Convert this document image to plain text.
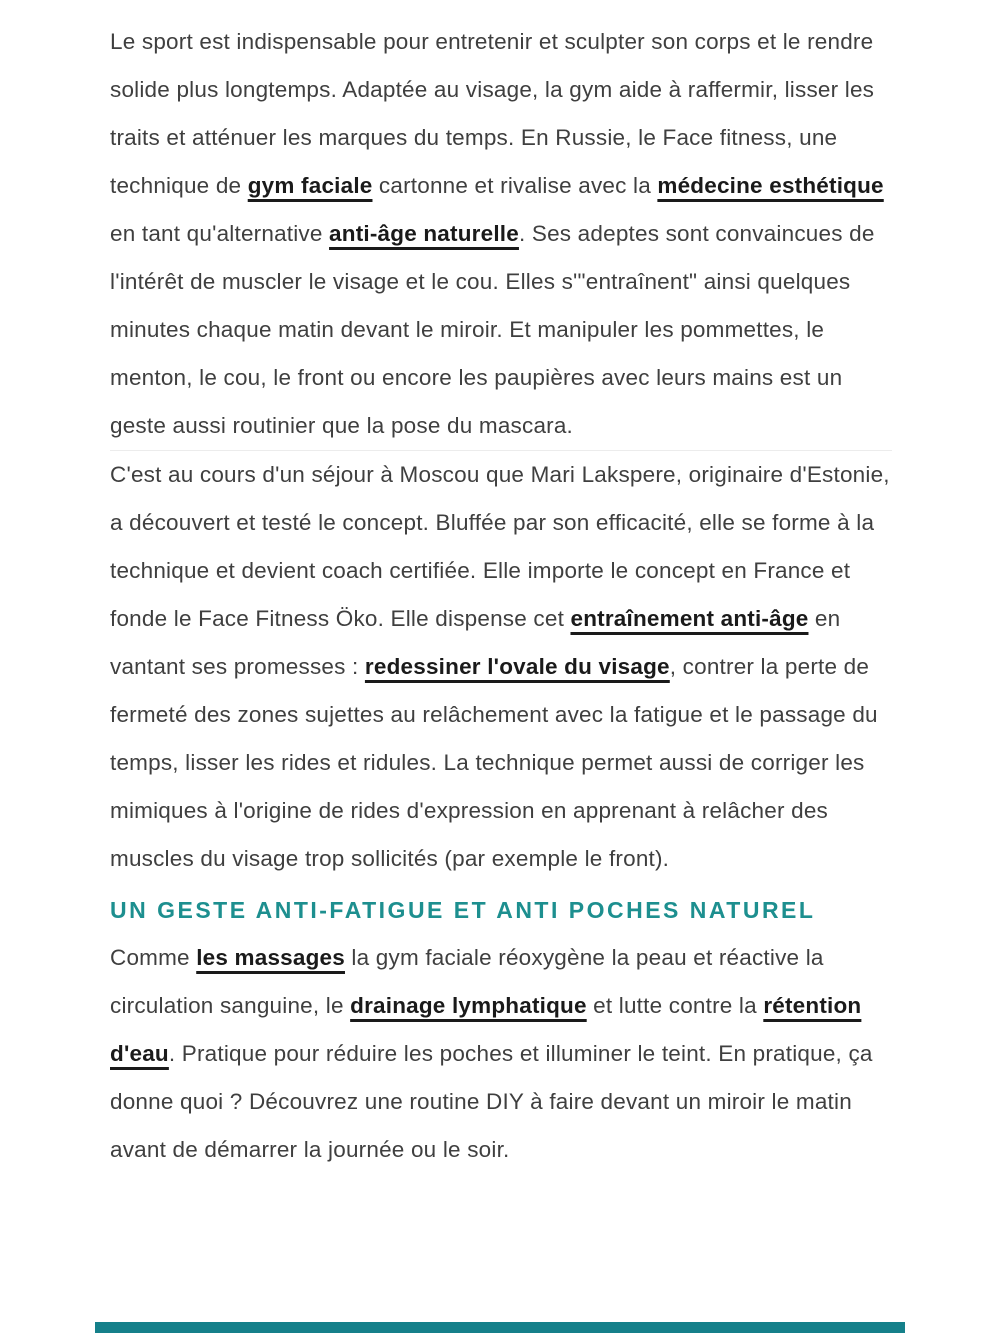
Le sport est indispensable pour entretenir et sculpter son corps et le rendre solide plus longtemps. Adaptée au visage, la gym aide à raffermir, lisser les traits et atténuer les marques du temps. En Russie, le Face fitness, une technique de gym faciale cartonne et rivalise avec la médecine esthétique en tant qu'alternative anti-âge naturelle. Ses adeptes sont convaincues de l'intérêt de muscler le visage et le cou. Elles s'"entraînent" ainsi quelques minutes chaque matin devant le miroir. Et manipuler les pommettes, le menton, le cou, le front ou encore les paupières avec leurs mains est un geste aussi routinier que la pose du mascara.

C'est au cours d'un séjour à Moscou que Mari Lakspere, originaire d'Estonie, a découvert et testé le concept. Bluffée par son efficacité, elle se forme à la technique et devient coach certifiée. Elle importe le concept en France et fonde le Face Fitness Öko. Elle dispense cet entraînement anti-âge en vantant ses promesses : redessiner l'ovale du visage, contrer la perte de fermeté des zones sujettes au relâchement avec la fatigue et le passage du temps, lisser les rides et ridules. La technique permet aussi de corriger les mimiques à l'origine de rides d'expression en apprenant à relâcher des muscles du visage trop sollicités (par exemple le front).

UN GESTE ANTI-FATIGUE ET ANTI POCHES NATUREL

Comme les massages la gym faciale réoxygène la peau et réactive la circulation sanguine, le drainage lymphatique et lutte contre la rétention d'eau. Pratique pour réduire les poches et illuminer le teint. En pratique, ça donne quoi ? Découvrez une routine DIY à faire devant un miroir le matin avant de démarrer la journée ou le soir.
